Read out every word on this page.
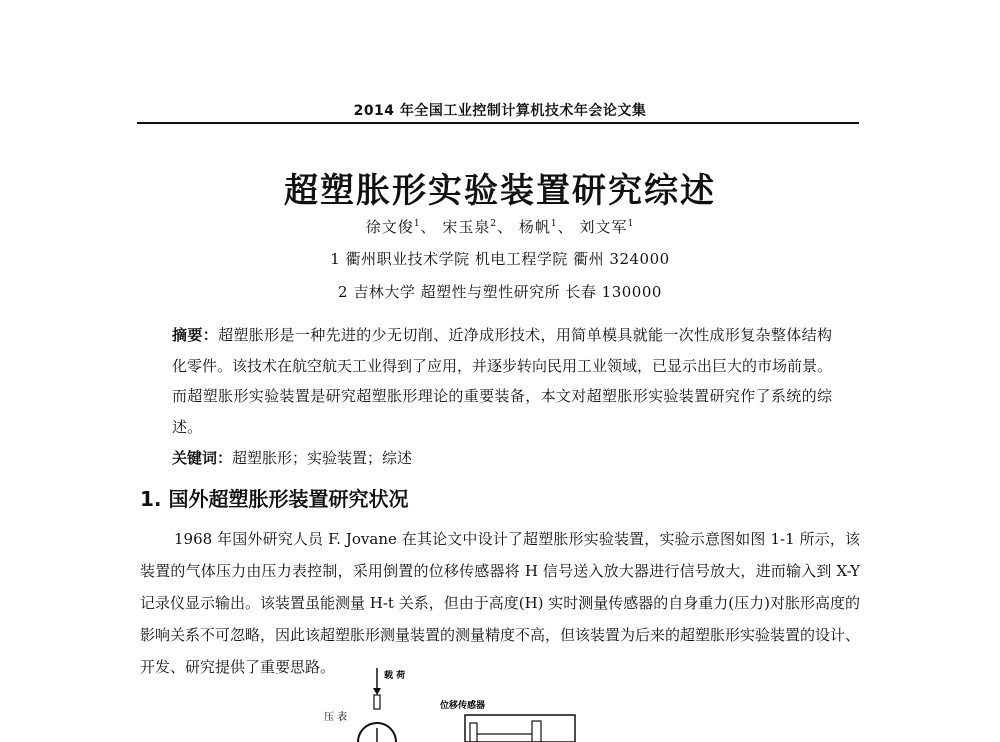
2014 年全国工业控制计算机技术年会论文集
超塑胀形实验装置研究综述
徐文俊$^1$、 宋玉泉$^2$、 杨帆$^1$、 刘文军$^1$
1 衢州职业技术学院 机电工程学院 衢州 324000
2 吉林大学 超塑性与塑性研究所 长春 130000
摘要：超塑胀形是一种先进的少无切削、近净成形技术，用简单模具就能一次性成形复杂整体结构化零件。该技术在航空航天工业得到了应用，并逐步转向民用工业领域，已显示出巨大的市场前景。而超塑胀形实验装置是研究超塑胀形理论的重要装备，本文对超塑胀形实验装置研究作了系统的综述。
关键词：超塑胀形；实验装置；综述
1. 国外超塑胀形装置研究状况

1968 年国外研究人员 F. Jovane 在其论文中设计了超塑胀形实验装置，实验示意图如图 1-1 所示，该装置的气体压力由压力表控制，采用倒置的位移传感器将 H 信号送入放大器进行信号放大，进而输入到 X-Y 记录仪显示输出。该装置虽能测量 H-t 关系，但由于高度(H) 实时测量传感器的自身重力(压力)对胀形高度的影响关系不可忽略，因此该超塑胀形测量装置的测量精度不高，但该装置为后来的超塑胀形实验装置的设计、开发、研究提供了重要思路。	载 荷
压 表
位移传感器
